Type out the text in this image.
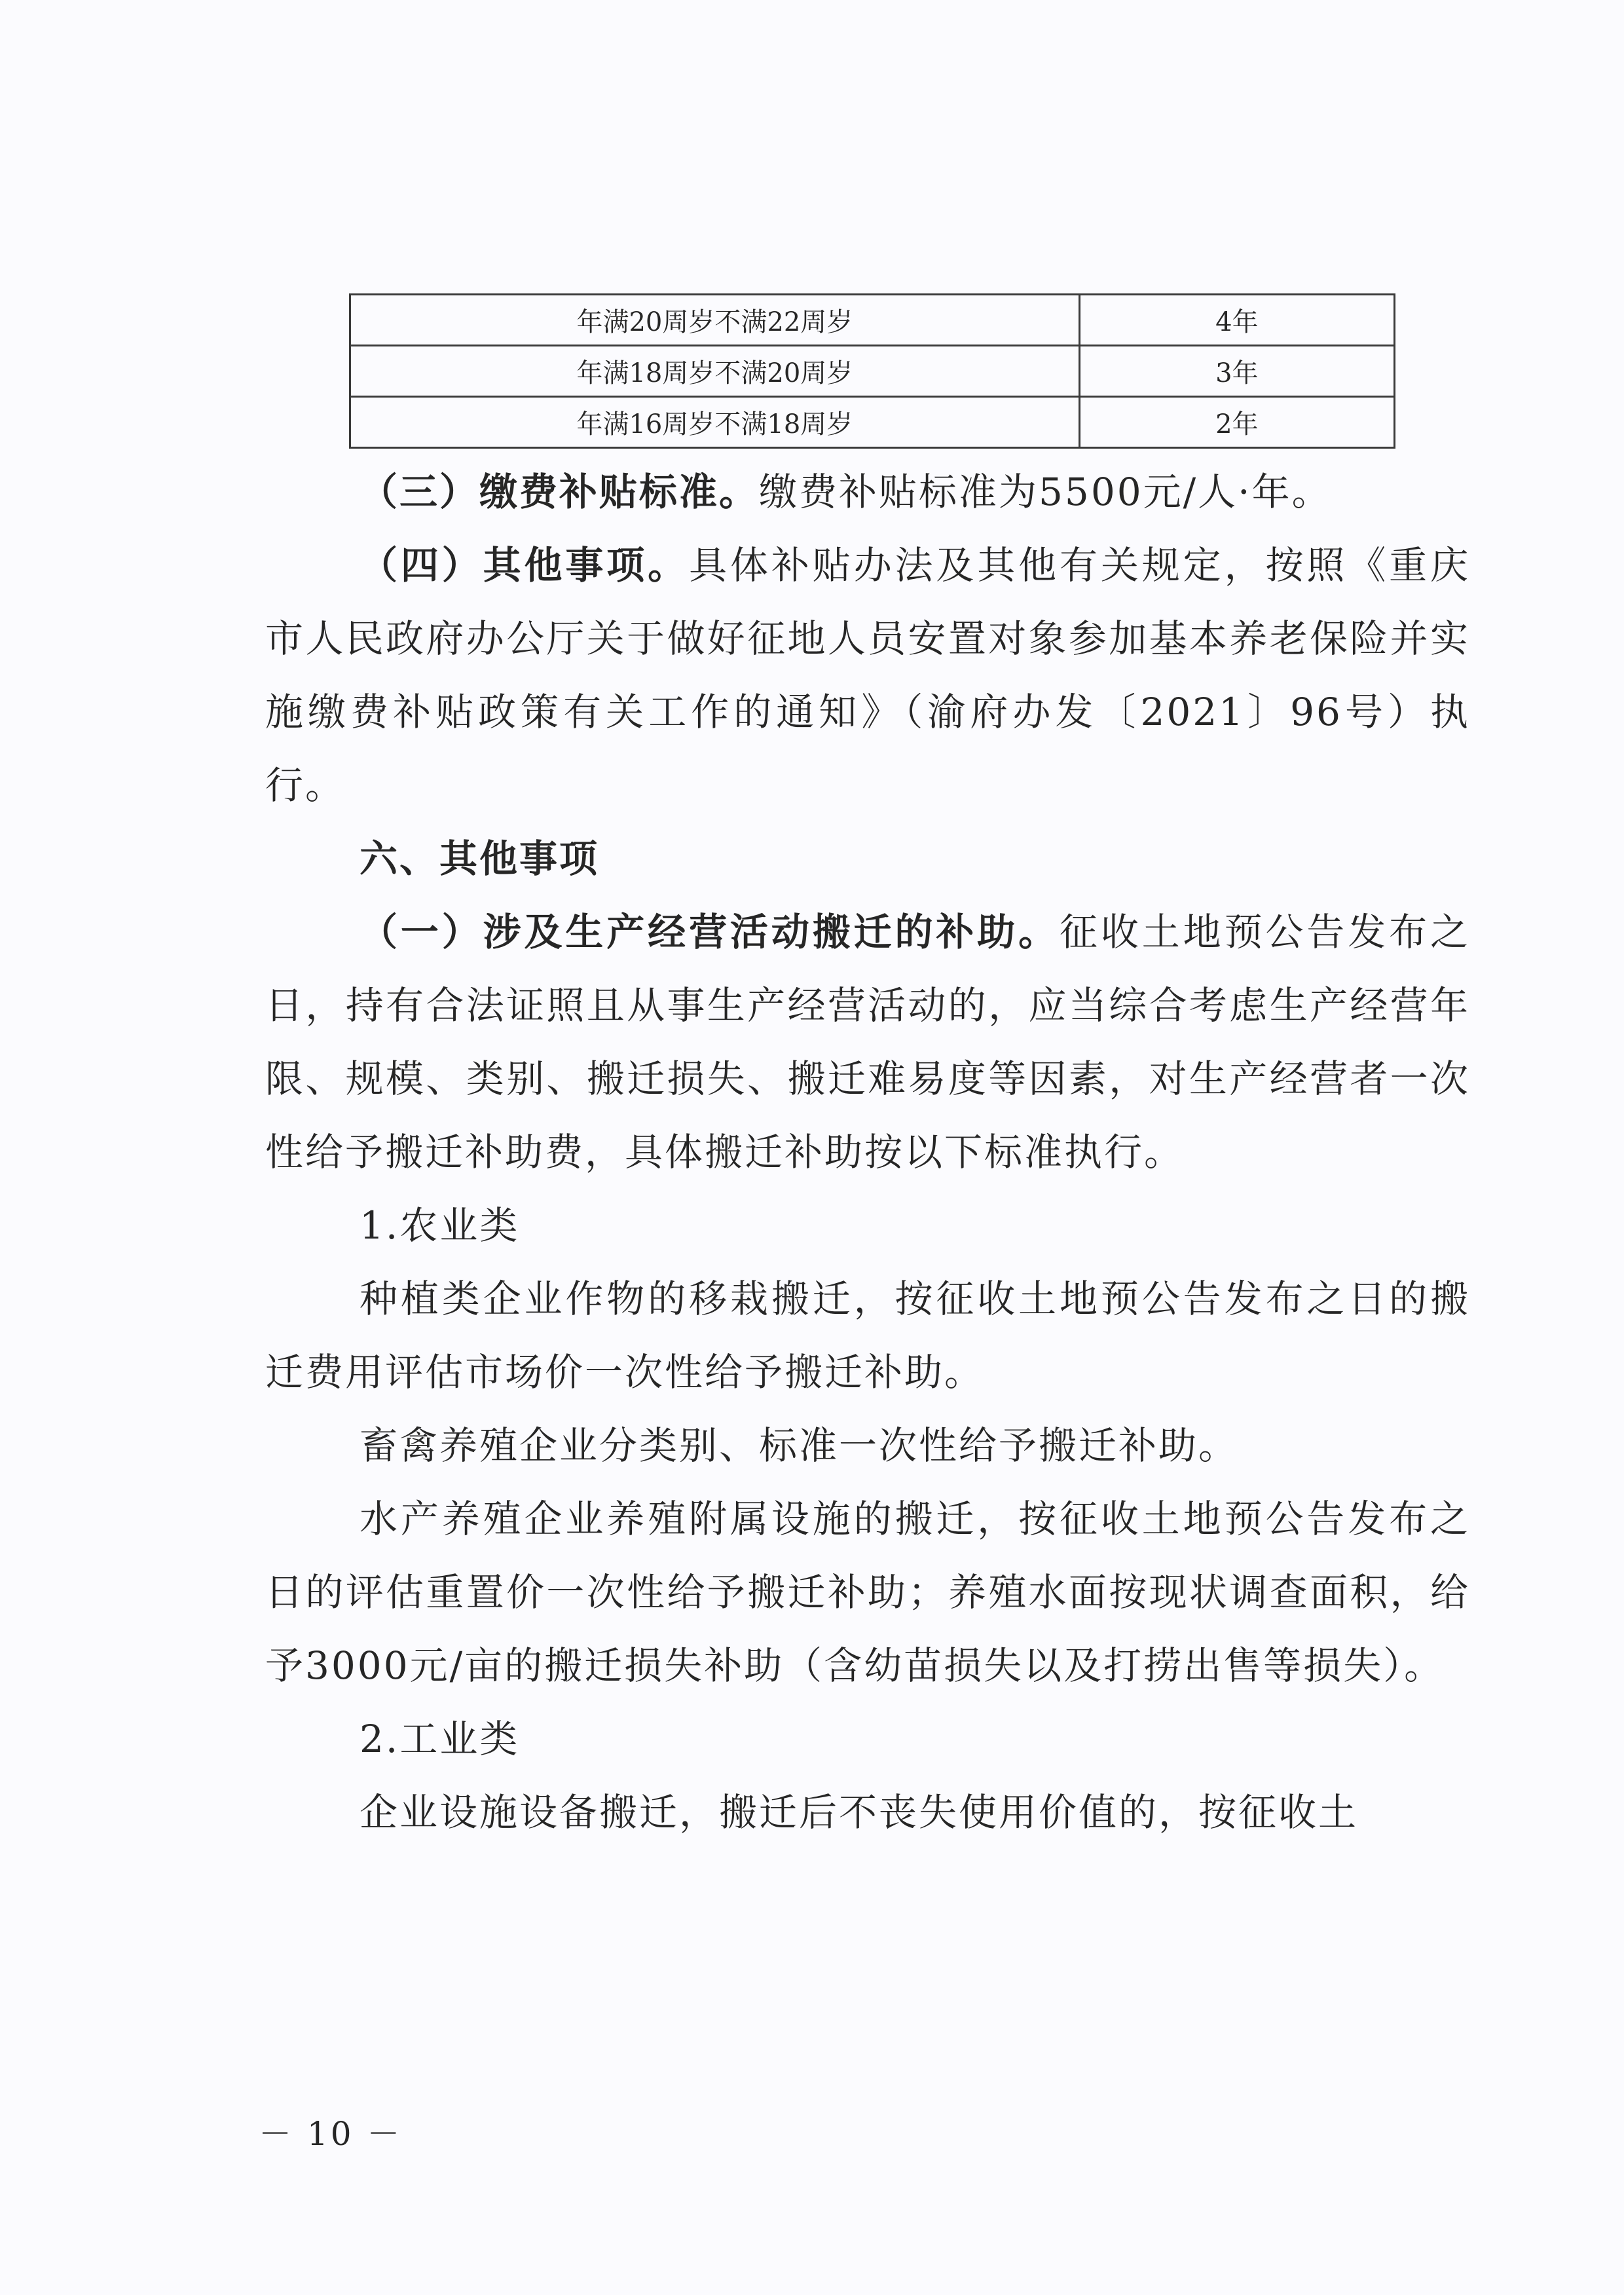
年满20周岁不满22周岁	4年
年满18周岁不满20周岁	3年
年满16周岁不满18周岁	2年

（三）缴费补贴标准。缴费补贴标准为5500元/人·年。

（四）其他事项。具体补贴办法及其他有关规定，按照《重庆市人民政府办公厅关于做好征地人员安置对象参加基本养老保险并实施缴费补贴政策有关工作的通知》（渝府办发〔2021〕96号）执行。

六、其他事项

（一）涉及生产经营活动搬迁的补助。征收土地预公告发布之日，持有合法证照且从事生产经营活动的，应当综合考虑生产经营年限、规模、类别、搬迁损失、搬迁难易度等因素，对生产经营者一次性给予搬迁补助费，具体搬迁补助按以下标准执行。

1.农业类

种植类企业作物的移栽搬迁，按征收土地预公告发布之日的搬迁费用评估市场价一次性给予搬迁补助。

畜禽养殖企业分类别、标准一次性给予搬迁补助。

水产养殖企业养殖附属设施的搬迁，按征收土地预公告发布之日的评估重置价一次性给予搬迁补助；养殖水面按现状调查面积，给予3000元/亩的搬迁损失补助（含幼苗损失以及打捞出售等损失）。

2.工业类

企业设施设备搬迁，搬迁后不丧失使用价值的，按征收土

－ 10 －
